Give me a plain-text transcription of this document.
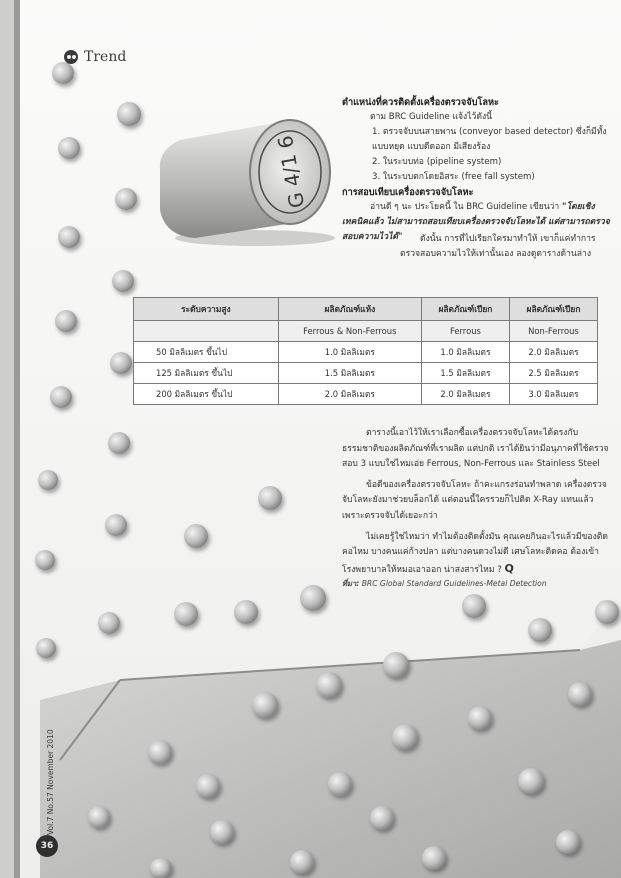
Trend
G 4/1 6

ตำแหน่งที่ควรติดตั้งเครื่องตรวจจับโลหะ

ตาม BRC Guideline แจ้งไว้ดังนี้

1. ตรวจจับบนสายพาน (conveyor based detector) ซึ่งก็มีทั้งแบบหยุด แบบดีดออก มีเสียงร้อง

2. ในระบบท่อ (pipeline system)

3. ในระบบตกโดยอิสระ (free fall system)

การสอบเทียบเครื่องตรวจจับโลหะ

อ่านดี ๆ นะ ประโยคนี้ ใน BRC Guideline เขียนว่า "โดยเชิงเทคนิคแล้ว ไม่สามารถสอบเทียบเครื่องตรวจจับโลหะได้ แต่สามารถตรวจสอบความไวได้"	ดังนั้น การที่ไปเรียกใครมาทำให้ เขาก็แค่ทำการตรวจสอบความไวให้เท่านั้นเอง ลองดูตารางด้านล่าง

ระดับความสูง	ผลิตภัณฑ์แห้ง	ผลิตภัณฑ์เปียก	ผลิตภัณฑ์เปียก
	Ferrous & Non-Ferrous	Ferrous	Non-Ferrous
50 มิลลิเมตร ขึ้นไป	1.0 มิลลิเมตร	1.0 มิลลิเมตร	2.0 มิลลิเมตร
125 มิลลิเมตร ขึ้นไป	1.5 มิลลิเมตร	1.5 มิลลิเมตร	2.5 มิลลิเมตร
200 มิลลิเมตร ขึ้นไป	2.0 มิลลิเมตร	2.0 มิลลิเมตร	3.0 มิลลิเมตร

ตารางนี้เอาไว้ให้เราเลือกซื้อเครื่องตรวจจับโลหะได้ตรงกับธรรมชาติของผลิตภัณฑ์ที่เราผลิต แต่ปกติ เราได้ยินว่ามีอนุภาคที่ใช้ตรวจสอบ 3 แบบใช่ไหมเอ่ย Ferrous, Non-Ferrous และ Stainless Steel

ข้อดีของเครื่องตรวจจับโลหะ ถ้าคะแกรงร่อนทำพลาด เครื่องตรวจจับโลหะยังมาช่วยบล็อกได้ แต่ตอนนี้ใครรวยก็ไปติด X-Ray แทนแล้ว เพราะตรวจจับได้เยอะกว่า

ไม่เคยรู้ใช่ไหมว่า ทำไมต้องติดตั้งมัน คุณเคยกินอะไรแล้วมีของติดคอไหม บางคนแค่ก้างปลา แต่บางคนดวงไม่ดี เศษโลหะติดคอ ต้องเข้าโรงพยาบาลให้หมอเอาออก น่าสงสารไหม ? Q

ที่มา: BRC Global Standard Guidelines-Metal Detection
Vol.7 No.57 November 2010
36
